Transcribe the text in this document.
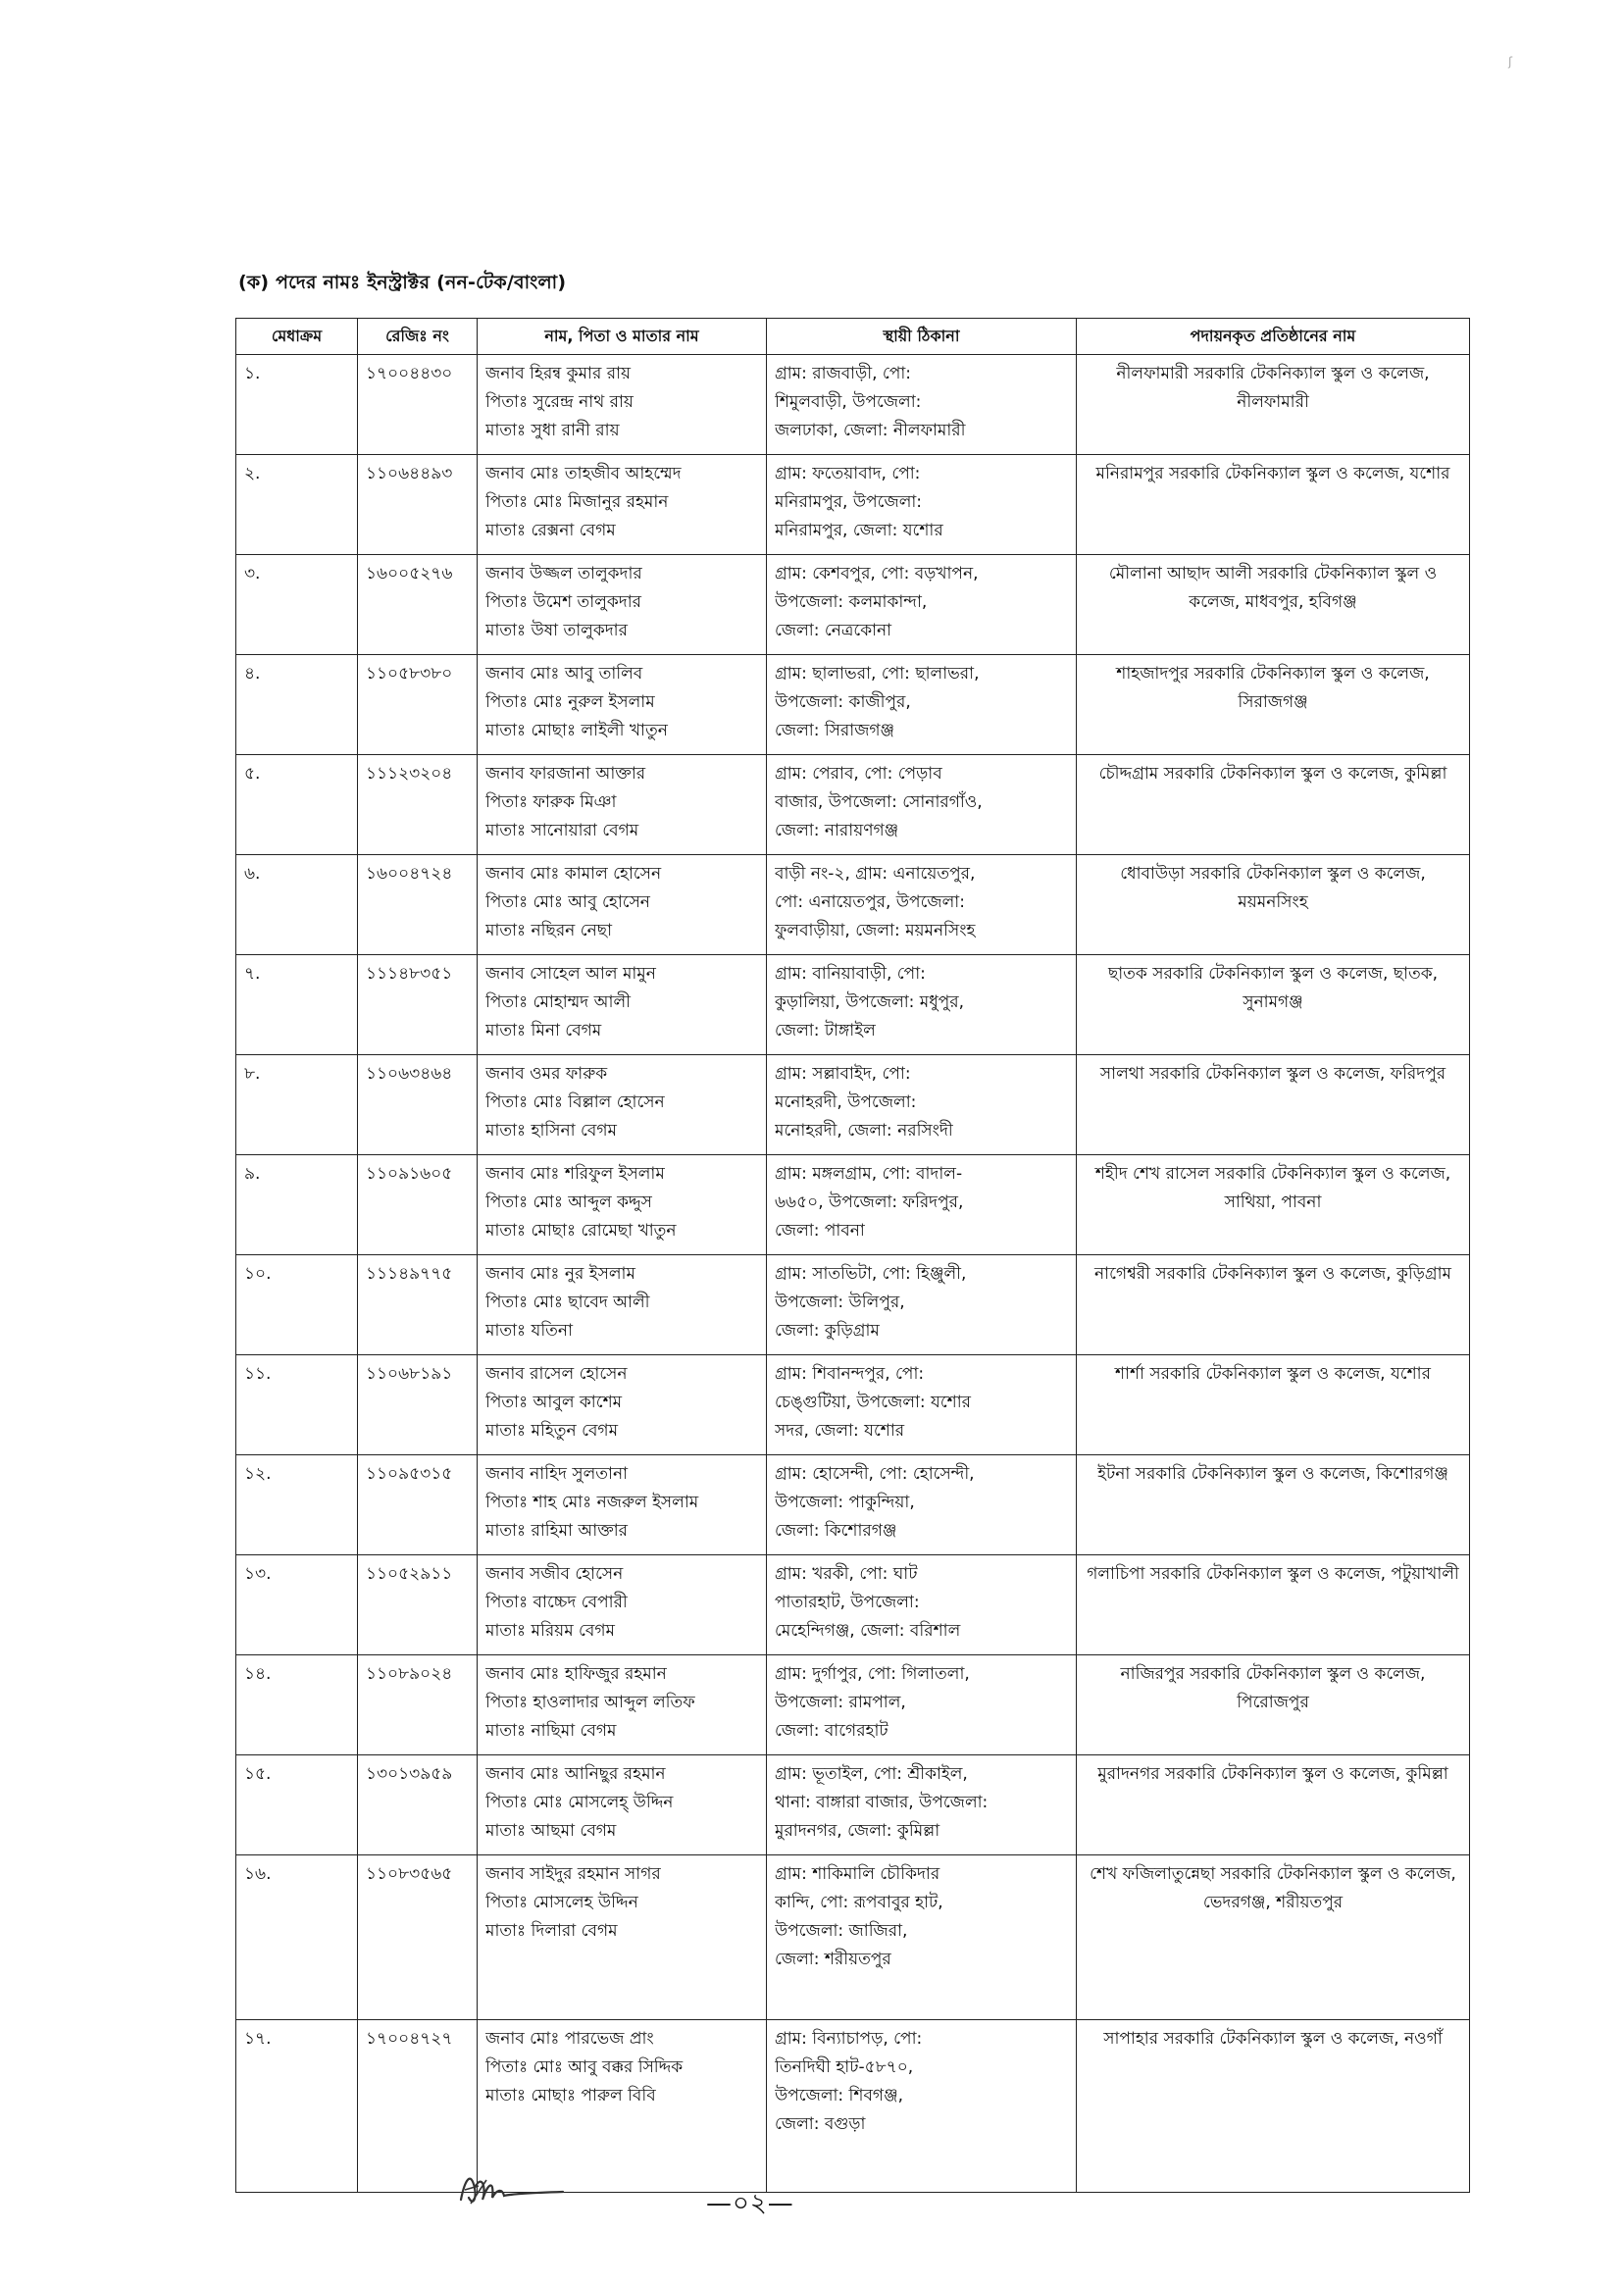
ʃ
(ক) পদের নামঃ ইনস্ট্রাক্টর (নন-টেক/বাংলা)
মেধাক্রম	রেজিঃ নং	নাম, পিতা ও মাতার নাম	স্থায়ী ঠিকানা	পদায়নকৃত প্রতিষ্ঠানের নাম

১.	১৭০০৪৪৩০	জনাব হিরন্ব কুমার রায়
পিতাঃ সুরেন্দ্র নাথ রায়
মাতাঃ সুধা রানী রায়	গ্রাম: রাজবাড়ী, পো:
শিমুলবাড়ী, উপজেলা:
জলঢাকা, জেলা: নীলফামারী	নীলফামারী সরকারি টেকনিক্যাল স্কুল ও কলেজ, নীলফামারী

২.	১১০৬৪৪৯৩	জনাব মোঃ তাহজীব আহম্মেদ
পিতাঃ মোঃ মিজানুর রহমান
মাতাঃ রেক্সনা বেগম	গ্রাম: ফতেয়াবাদ, পো:
মনিরামপুর, উপজেলা:
মনিরামপুর, জেলা: যশোর	মনিরামপুর সরকারি টেকনিক্যাল স্কুল ও কলেজ, যশোর

৩.	১৬০০৫২৭৬	জনাব উজ্জল তালুকদার
পিতাঃ উমেশ তালুকদার
মাতাঃ উষা তালুকদার	গ্রাম: কেশবপুর, পো: বড়খাপন,
উপজেলা: কলমাকান্দা,
জেলা: নেত্রকোনা	মৌলানা আছাদ আলী সরকারি টেকনিক্যাল স্কুল ও কলেজ, মাধবপুর, হবিগঞ্জ

৪.	১১০৫৮৩৮০	জনাব মোঃ আবু তালিব
পিতাঃ মোঃ নুরুল ইসলাম
মাতাঃ মোছাঃ লাইলী খাতুন	গ্রাম: ছালাভরা, পো: ছালাভরা,
উপজেলা: কাজীপুর,
জেলা: সিরাজগঞ্জ	শাহজাদপুর সরকারি টেকনিক্যাল স্কুল ও কলেজ, সিরাজগঞ্জ

৫.	১১১২৩২০৪	জনাব ফারজানা আক্তার
পিতাঃ ফারুক মিঞা
মাতাঃ সানোয়ারা বেগম	গ্রাম: পেরাব, পো: পেড়াব
বাজার, উপজেলা: সোনারগাঁও,
জেলা: নারায়ণগঞ্জ	চৌদ্দগ্রাম সরকারি টেকনিক্যাল স্কুল ও কলেজ, কুমিল্লা

৬.	১৬০০৪৭২৪	জনাব মোঃ কামাল হোসেন
পিতাঃ মোঃ আবু হোসেন
মাতাঃ নছিরন নেছা	বাড়ী নং-২, গ্রাম: এনায়েতপুর,
পো: এনায়েতপুর, উপজেলা:
ফুলবাড়ীয়া, জেলা: ময়মনসিংহ	ধোবাউড়া সরকারি টেকনিক্যাল স্কুল ও কলেজ, ময়মনসিংহ

৭.	১১১৪৮৩৫১	জনাব সোহেল আল মামুন
পিতাঃ মোহাম্মদ আলী
মাতাঃ মিনা বেগম	গ্রাম: বানিয়াবাড়ী, পো:
কুড়ালিয়া, উপজেলা: মধুপুর,
জেলা: টাঙ্গাইল	ছাতক সরকারি টেকনিক্যাল স্কুল ও কলেজ, ছাতক, সুনামগঞ্জ

৮.	১১০৬৩৪৬৪	জনাব ওমর ফারুক
পিতাঃ মোঃ বিল্লাল হোসেন
মাতাঃ হাসিনা বেগম	গ্রাম: সল্লাবাইদ, পো:
মনোহরদী, উপজেলা:
মনোহরদী, জেলা: নরসিংদী	সালথা সরকারি টেকনিক্যাল স্কুল ও কলেজ, ফরিদপুর

৯.	১১০৯১৬০৫	জনাব মোঃ শরিফুল ইসলাম
পিতাঃ মোঃ আব্দুল কদ্দুস
মাতাঃ মোছাঃ রোমেছা খাতুন	গ্রাম: মঙ্গলগ্রাম, পো: বাদাল-
৬৬৫০, উপজেলা: ফরিদপুর,
জেলা: পাবনা	শহীদ শেখ রাসেল সরকারি টেকনিক্যাল স্কুল ও কলেজ, সাথিয়া, পাবনা

১০.	১১১৪৯৭৭৫	জনাব মোঃ নুর ইসলাম
পিতাঃ মোঃ ছাবেদ আলী
মাতাঃ যতিনা	গ্রাম: সাতভিটা, পো: হিঞ্জুলী,
উপজেলা: উলিপুর,
জেলা: কুড়িগ্রাম	নাগেশ্বরী সরকারি টেকনিক্যাল স্কুল ও কলেজ, কুড়িগ্রাম

১১.	১১০৬৮১৯১	জনাব রাসেল হোসেন
পিতাঃ আবুল কাশেম
মাতাঃ মহিতুন বেগম	গ্রাম: শিবানন্দপুর, পো:
চেঙ্গুটিয়া, উপজেলা: যশোর
সদর, জেলা: যশোর	শার্শা সরকারি টেকনিক্যাল স্কুল ও কলেজ, যশোর

১২.	১১০৯৫৩১৫	জনাব নাহিদ সুলতানা
পিতাঃ শাহ মোঃ নজরুল ইসলাম
মাতাঃ রাহিমা আক্তার	গ্রাম: হোসেন্দী, পো: হোসেন্দী,
উপজেলা: পাকুন্দিয়া,
জেলা: কিশোরগঞ্জ	ইটনা সরকারি টেকনিক্যাল স্কুল ও কলেজ, কিশোরগঞ্জ

১৩.	১১০৫২৯১১	জনাব সজীব হোসেন
পিতাঃ বাচ্চেদ বেপারী
মাতাঃ মরিয়ম বেগম	গ্রাম: খরকী, পো: ঘাট
পাতারহাট, উপজেলা:
মেহেন্দিগঞ্জ, জেলা: বরিশাল	গলাচিপা সরকারি টেকনিক্যাল স্কুল ও কলেজ, পটুয়াখালী

১৪.	১১০৮৯০২৪	জনাব মোঃ হাফিজুর রহমান
পিতাঃ হাওলাদার আব্দুল লতিফ
মাতাঃ নাছিমা বেগম	গ্রাম: দুর্গাপুর, পো: গিলাতলা,
উপজেলা: রামপাল,
জেলা: বাগেরহাট	নাজিরপুর সরকারি টেকনিক্যাল স্কুল ও কলেজ, পিরোজপুর

১৫.	১৩০১৩৯৫৯	জনাব মোঃ আনিছুর রহমান
পিতাঃ মোঃ মোসলেহ্ উদ্দিন
মাতাঃ আছমা বেগম	গ্রাম: ভূতাইল, পো: শ্রীকাইল,
থানা: বাঙ্গারা বাজার, উপজেলা:
মুরাদনগর, জেলা: কুমিল্লা	মুরাদনগর সরকারি টেকনিক্যাল স্কুল ও কলেজ, কুমিল্লা

১৬.	১১০৮৩৫৬৫	জনাব সাইদুর রহমান সাগর
পিতাঃ মোসলেহ উদ্দিন
মাতাঃ দিলারা বেগম	গ্রাম: শাকিমালি চৌকিদার
কান্দি, পো: রূপবাবুর হাট,
উপজেলা: জাজিরা,
জেলা: শরীয়তপুর	শেখ ফজিলাতুন্নেছা সরকারি টেকনিক্যাল স্কুল ও কলেজ, ভেদরগঞ্জ, শরীয়তপুর

১৭.	১৭০০৪৭২৭	জনাব মোঃ পারভেজ প্রাং
পিতাঃ মোঃ আবু বক্কর সিদ্দিক
মাতাঃ মোছাঃ পারুল বিবি	গ্রাম: বিন্যাচাপড়, পো:
তিনদিঘী হাট-৫৮৭০,
উপজেলা: শিবগঞ্জ,
জেলা: বগুড়া	সাপাহার সরকারি টেকনিক্যাল স্কুল ও কলেজ, নওগাঁ
—০২—
